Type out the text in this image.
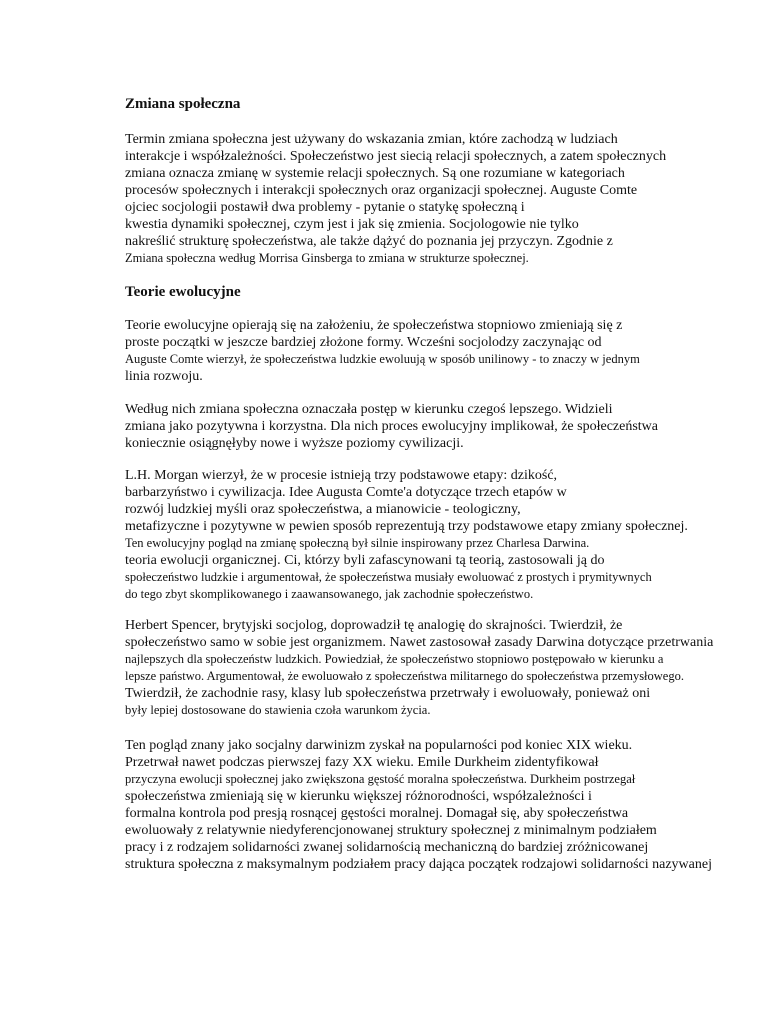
Zmiana społeczna
Termin zmiana społeczna jest używany do wskazania zmian, które zachodzą w ludziach
interakcje i współzależności. Społeczeństwo jest siecią relacji społecznych, a zatem społecznych
zmiana oznacza zmianę w systemie relacji społecznych. Są one rozumiane w kategoriach
procesów społecznych i interakcji społecznych oraz organizacji społecznej. Auguste Comte
ojciec socjologii postawił dwa problemy - pytanie o statykę społeczną i
kwestia dynamiki społecznej, czym jest i jak się zmienia. Socjologowie nie tylko
nakreślić strukturę społeczeństwa, ale także dążyć do poznania jej przyczyn. Zgodnie z
Zmiana społeczna według Morrisa Ginsberga to zmiana w strukturze społecznej.
Teorie ewolucyjne
Teorie ewolucyjne opierają się na założeniu, że społeczeństwa stopniowo zmieniają się z
proste początki w jeszcze bardziej złożone formy. Wcześni socjolodzy zaczynając od
Auguste Comte wierzył, że społeczeństwa ludzkie ewoluują w sposób unilinowy - to znaczy w jednym
linia rozwoju.
Według nich zmiana społeczna oznaczała postęp w kierunku czegoś lepszego. Widzieli
zmiana jako pozytywna i korzystna. Dla nich proces ewolucyjny implikował, że społeczeństwa
koniecznie osiągnęłyby nowe i wyższe poziomy cywilizacji.
L.H. Morgan wierzył, że w procesie istnieją trzy podstawowe etapy: dzikość,
barbarzyństwo i cywilizacja. Idee Augusta Comte'a dotyczące trzech etapów w
rozwój ludzkiej myśli oraz społeczeństwa, a mianowicie - teologiczny,
metafizyczne i pozytywne w pewien sposób reprezentują trzy podstawowe etapy zmiany społecznej.
Ten ewolucyjny pogląd na zmianę społeczną był silnie inspirowany przez Charlesa Darwina.
teoria ewolucji organicznej. Ci, którzy byli zafascynowani tą teorią, zastosowali ją do
społeczeństwo ludzkie i argumentował, że społeczeństwa musiały ewoluować z prostych i prymitywnych
do tego zbyt skomplikowanego i zaawansowanego, jak zachodnie społeczeństwo.
Herbert Spencer, brytyjski socjolog, doprowadził tę analogię do skrajności. Twierdził, że
społeczeństwo samo w sobie jest organizmem. Nawet zastosował zasady Darwina dotyczące przetrwania
najlepszych dla społeczeństw ludzkich. Powiedział, że społeczeństwo stopniowo postępowało w kierunku a
lepsze państwo. Argumentował, że ewoluowało z społeczeństwa militarnego do społeczeństwa przemysłowego.
Twierdził, że zachodnie rasy, klasy lub społeczeństwa przetrwały i ewoluowały, ponieważ oni
były lepiej dostosowane do stawienia czoła warunkom życia.
Ten pogląd znany jako socjalny darwinizm zyskał na popularności pod koniec XIX wieku.
Przetrwał nawet podczas pierwszej fazy XX wieku. Emile Durkheim zidentyfikował
przyczyna ewolucji społecznej jako zwiększona gęstość moralna społeczeństwa. Durkheim postrzegał
społeczeństwa zmieniają się w kierunku większej różnorodności, współzależności i
formalna kontrola pod presją rosnącej gęstości moralnej. Domagał się, aby społeczeństwa
ewoluowały z relatywnie niedyferencjonowanej struktury społecznej z minimalnym podziałem
pracy i z rodzajem solidarności zwanej solidarnością mechaniczną do bardziej zróżnicowanej
struktura społeczna z maksymalnym podziałem pracy dająca początek rodzajowi solidarności nazywanej
